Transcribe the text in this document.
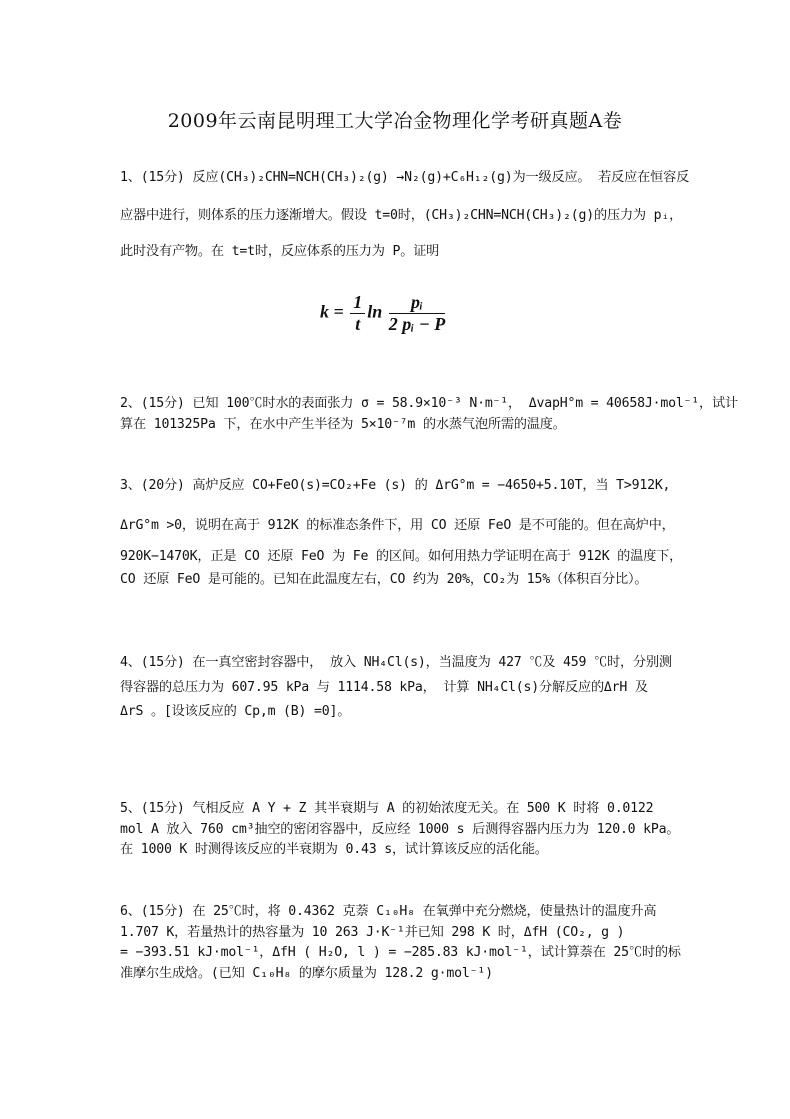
2009年云南昆明理工大学冶金物理化学考研真题A卷
1、(15分) 反应(CH₃)₂CHN=NCH(CH₃)₂(g) →N₂(g)+C₆H₁₂(g)为一级反应。 若反应在恒容反
应器中进行，则体系的压力逐渐增大。假设 t=0时，(CH₃)₂CHN=NCH(CH₃)₂(g)的压力为 pᵢ，
此时没有产物。在 t=t时，反应体系的压力为 P。证明
$k = \frac{1}{t}$ $\ln \frac{\text{pᵢ}}{\text{2 pᵢ − P}}$
2、(15分) 已知 100℃时水的表面张力 σ = 58.9×10⁻³ N·m⁻¹， ΔvapH°m = 40658J·mol⁻¹，试计
算在 101325Pa 下，在水中产生半径为 5×10⁻⁷m 的水蒸气泡所需的温度。
3、(20分) 高炉反应 CO+FeO(s)=CO₂+Fe (s) 的 ΔrG°m = −4650+5.10T，当 T>912K,
ΔrG°m >0，说明在高于 912K 的标准态条件下，用 CO 还原 FeO 是不可能的。但在高炉中，
920K−1470K，正是 CO 还原 FeO 为 Fe 的区间。如何用热力学证明在高于 912K 的温度下，
CO 还原 FeO 是可能的。已知在此温度左右，CO 约为 20%，CO₂为 15%（体积百分比）。
4、(15分) 在一真空密封容器中， 放入 NH₄Cl(s)，当温度为 427 ℃及 459 ℃时，分别测
得容器的总压力为 607.95 kPa 与 1114.58 kPa， 计算 NH₄Cl(s)分解反应的ΔrH 及
ΔrS 。[设该反应的 Cp,m (B) =0]。
5、(15分) 气相反应 A Y + Z 其半衰期与 A 的初始浓度无关。在 500 K 时将 0.0122
mol A 放入 760 cm³抽空的密闭容器中，反应经 1000 s 后测得容器内压力为 120.0 kPa。
在 1000 K 时测得该反应的半衰期为 0.43 s，试计算该反应的活化能。
6、(15分) 在 25℃时，将 0.4362 克萘 C₁₀H₈ 在氧弹中充分燃烧，使量热计的温度升高
1.707 K，若量热计的热容量为 10 263 J·K⁻¹并已知 298 K 时，ΔfH (CO₂, g )
= −393.51 kJ·mol⁻¹，ΔfH ( H₂O, l ) = −285.83 kJ·mol⁻¹，试计算萘在 25℃时的标
准摩尔生成焓。(已知 C₁₀H₈ 的摩尔质量为 128.2 g·mol⁻¹)
